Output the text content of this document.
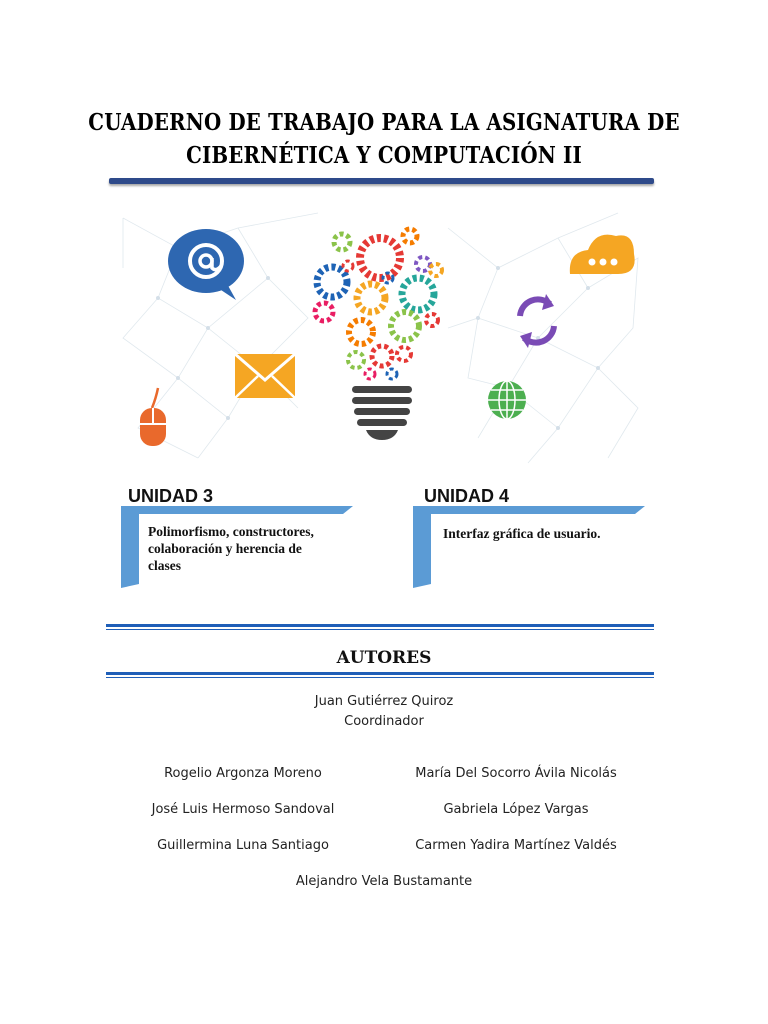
CUADERNO DE TRABAJO PARA LA ASIGNATURA DE
CIBERNÉTICA Y COMPUTACIÓN II
UNIDAD 3

Polimorfismo, constructores,
colaboración y herencia de
clases

UNIDAD 4

Interfaz gráfica de usuario.

AUTORES

Juan Gutiérrez Quiroz

Coordinador

Rogelio Argonza Moreno	María Del Socorro Ávila Nicolás

José Luis Hermoso Sandoval	Gabriela López Vargas

Guillermina Luna Santiago	Carmen Yadira Martínez Valdés

Alejandro Vela Bustamante
